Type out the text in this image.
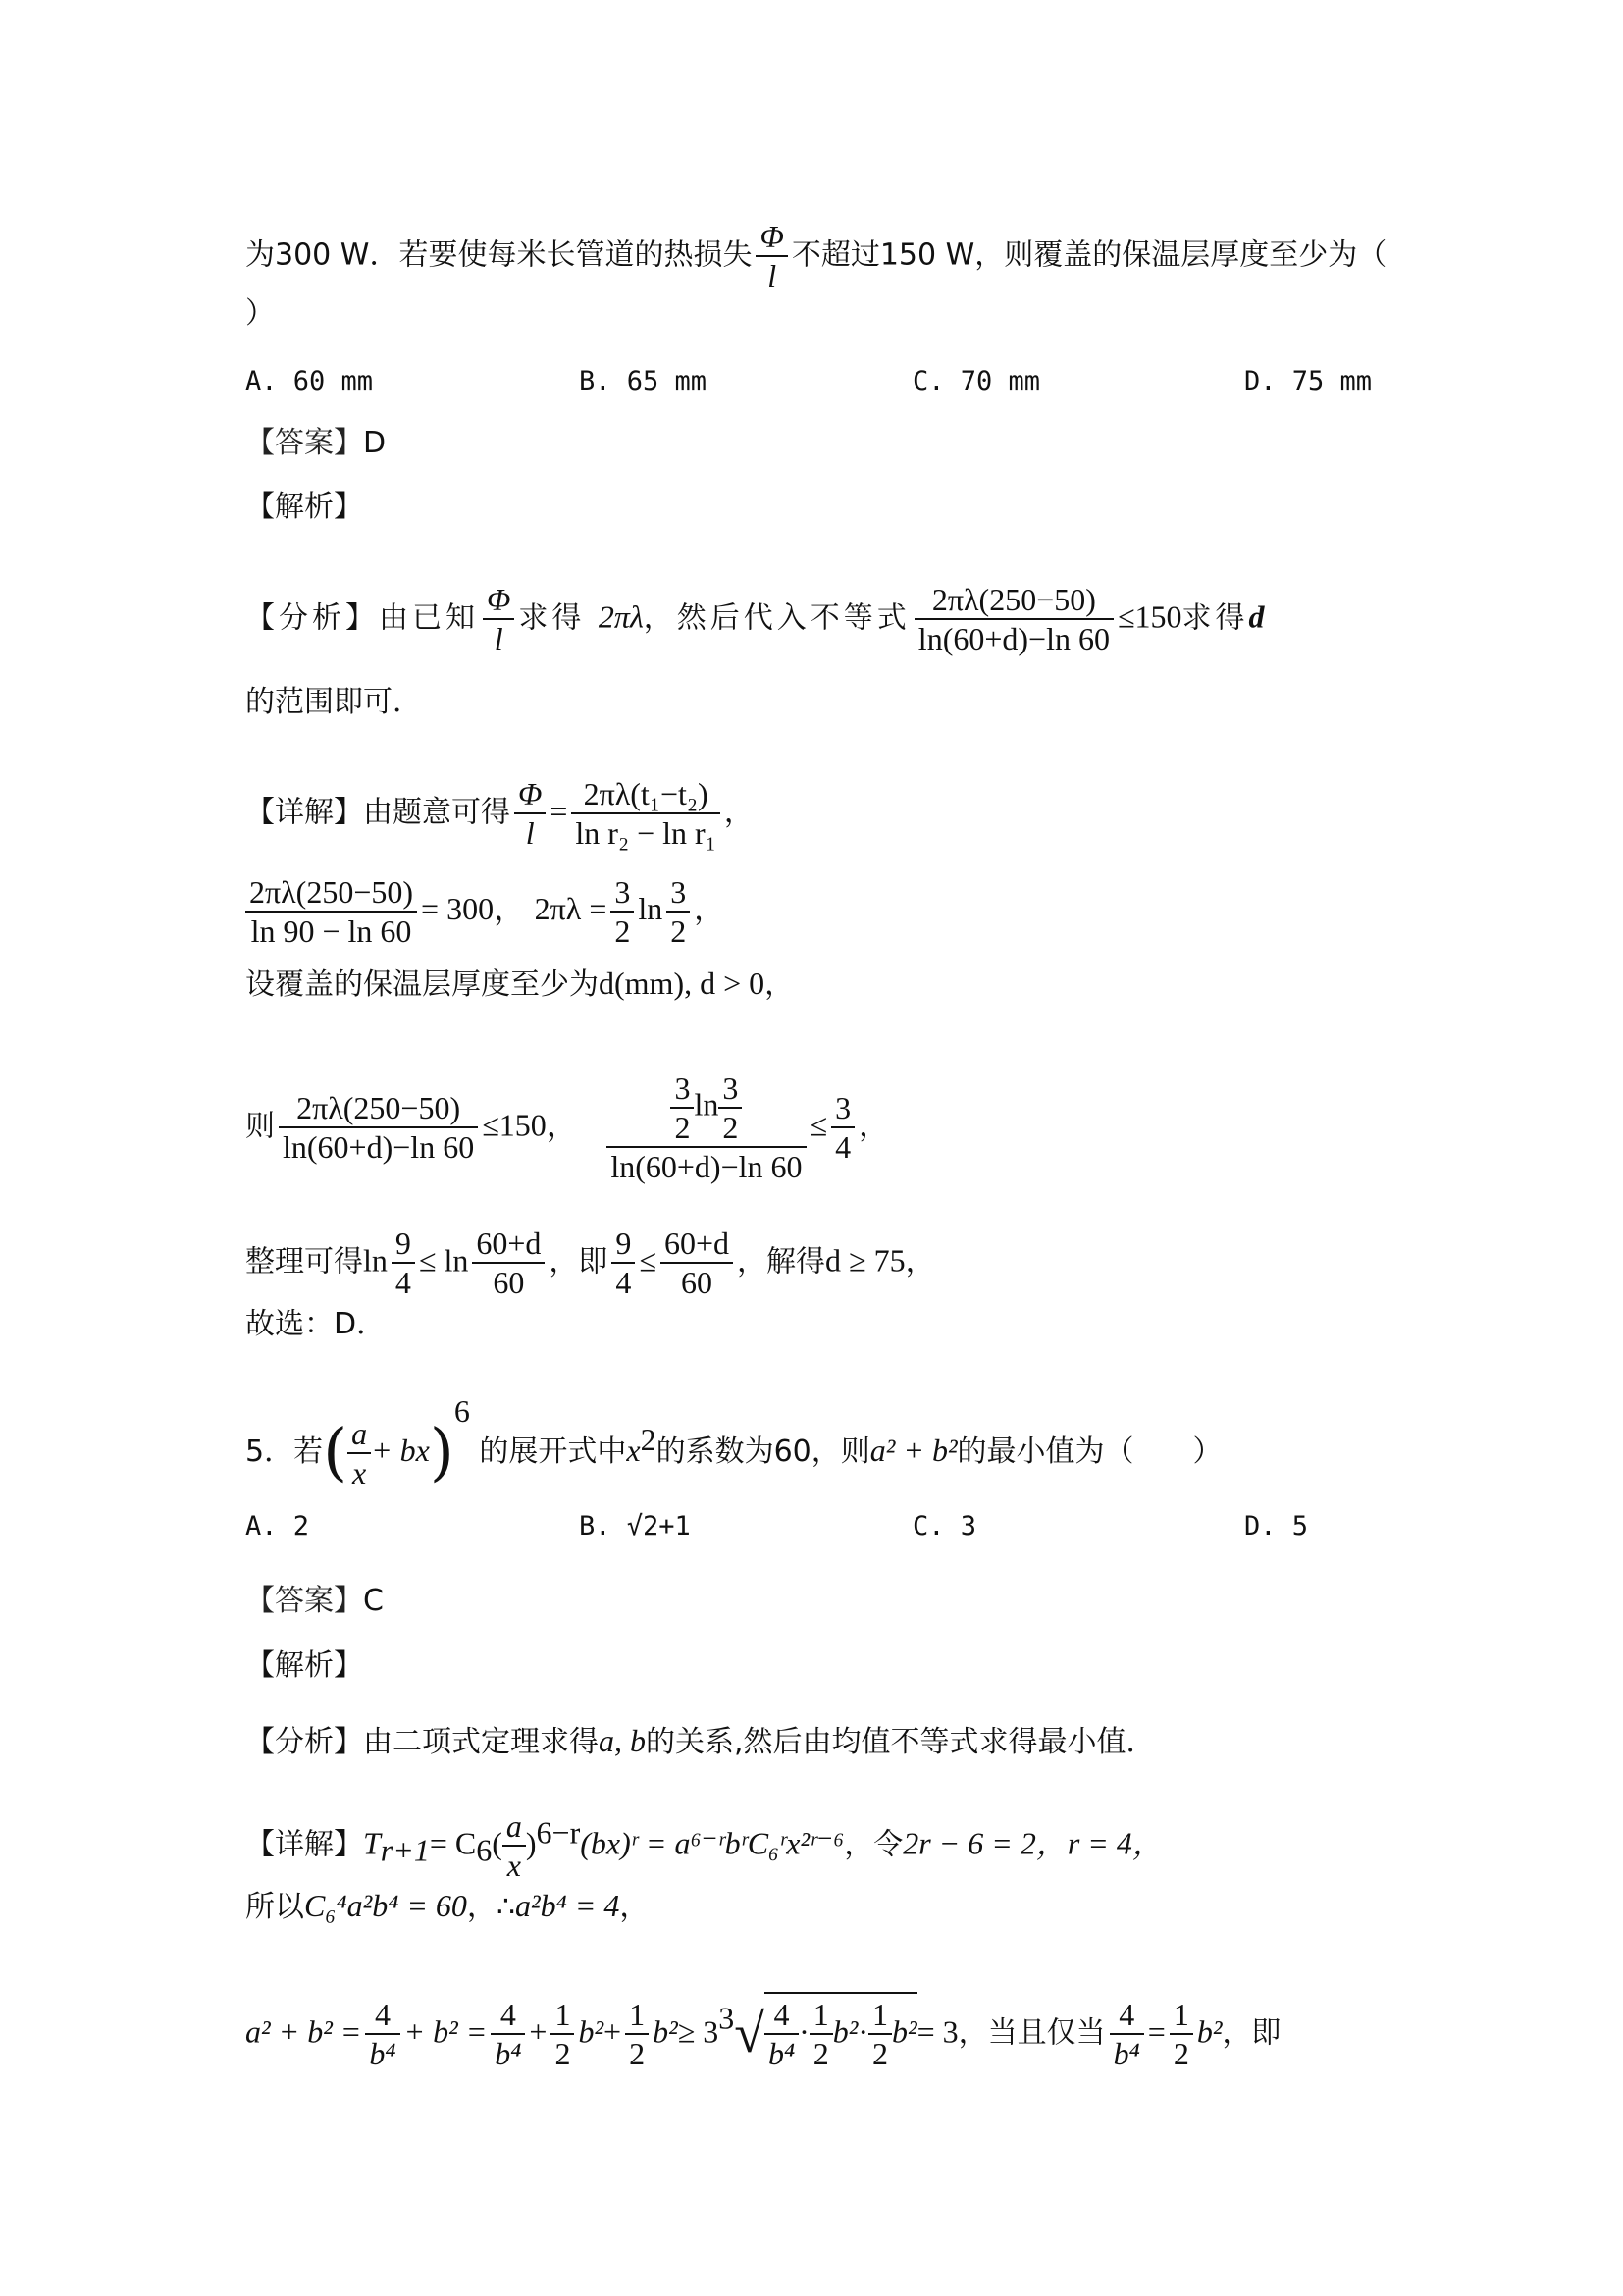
为300 W．若要使每米长管道的热损失 $\frac{\Phi}{l}$ 不超过150 W，则覆盖的保温层厚度至少为（
）
A. 60 mm	B. 65 mm	C. 70 mm	D. 75 mm
【答案】D
【解析】
【分析】由已知 $\frac{\Phi}{l}$ 求得 2πλ，然后代入不等式 $\frac{2\pi\lambda(250-50)}{\ln(60+d)-\ln 60} \le 150$求得d
的范围即可．
【详解】由题意可得 $\frac{\Phi}{l} = \frac{\text{2πλ(t₁−t₂)}}{\text{ln r₂ − ln r₁}}$ ，
$\frac{2\pi\lambda(250-50)}{\ln 90 - \ln 60} = 300$， $2\pi\lambda = \frac{3}{2}$ $\ln \frac{3}{2}$ ，
设覆盖的保温层厚度至少为d(mm), d > 0，
则 $\frac{2\pi\lambda(250-50)}{\ln(60+d)-\ln 60} \le 150$， $\frac{\frac{3}{2} \ln \frac{3}{2}}{\ln(60+d)-\ln 60} \le \frac{3}{4}$ ，
整理可得$\ln \frac{9}{4} \le \ln \frac{60+d}{60}$ ，即 $\frac{9}{4} \le \frac{60+d}{60}$ ，解得d ≥ 75，
故选：D．
5．若( $\frac{a}{x} + bx)^6$ 的展开式中$x^2$的系数为60，则a² + b²的最小值为（　　）
A. 2	B. √2+1	C. 3	D. 5
【答案】C
【解析】
【分析】由二项式定理求得a, b的关系,然后由均值不等式求得最小值．
【详解】$T_{r+1}= C_6( \frac{a}{x}$ )$^{6-r}(bx)ʳ$ = a⁶⁻ʳbʳC₆ʳx²ʳ⁻⁶，令2r − 6 = 2，r = 4，
所以C₆⁴a²b⁴ = 60，∴a²b⁴ = 4，
$a^2 + b^2 = \frac{4}{\text{b⁴}} + b^2 = \frac{4}{\text{b⁴}} + \frac{1}{2} b^2+ \frac{1}{2} b^2\ge 3^3√ \frac{4}{\text{b⁴}} \cdot \frac{1}{2} b^2\cdot \frac{1}{2} b^2= 3$，当且仅当 $\frac{4}{\text{b⁴}} = \frac{1}{2} b^2$，即
